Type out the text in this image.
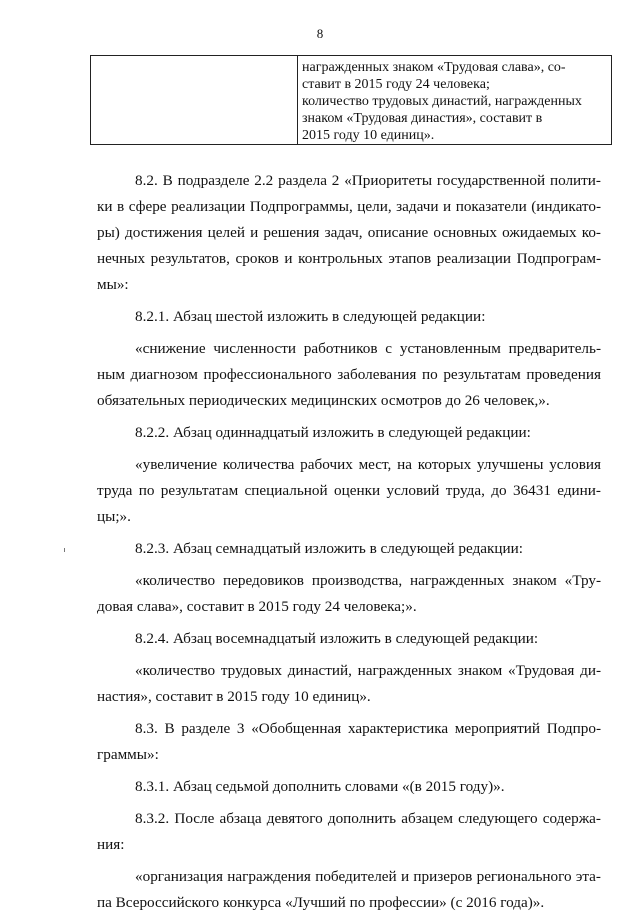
8

награжденных знаком «Трудовая слава», со-
ставит в 2015 году 24 человека;
количество трудовых династий, награжденных
знаком «Трудовая династия», составит в
2015 году 10 единиц».

8.2. В подразделе 2.2 раздела 2 «Приоритеты государственной полити-ки в сфере реализации Подпрограммы, цели, задачи и показатели (индикато-ры) достижения целей и решения задач, описание основных ожидаемых ко-нечных результатов, сроков и контрольных этапов реализации Подпрограм-мы»:

8.2.1. Абзац шестой изложить в следующей редакции:

«снижение численности работников с установленным предваритель-ным диагнозом профессионального заболевания по результатам проведения обязательных периодических медицинских осмотров до 26 человек,».

8.2.2. Абзац одиннадцатый изложить в следующей редакции:

«увеличение количества рабочих мест, на которых улучшены условия труда по результатам специальной оценки условий труда, до 36431 едини-цы;».

8.2.3. Абзац семнадцатый изложить в следующей редакции:

«количество передовиков производства, награжденных знаком «Тру-довая слава», составит в 2015 году 24 человека;».

8.2.4. Абзац восемнадцатый изложить в следующей редакции:

«количество трудовых династий, награжденных знаком «Трудовая ди-настия», составит в 2015 году 10 единиц».

8.3. В разделе 3 «Обобщенная характеристика мероприятий Подпро-граммы»:

8.3.1. Абзац седьмой дополнить словами «(в 2015 году)».

8.3.2. После абзаца девятого дополнить абзацем следующего содержа-ния:

«организация награждения победителей и призеров регионального эта-па Всероссийского конкурса «Лучший по профессии» (с 2016 года)».
